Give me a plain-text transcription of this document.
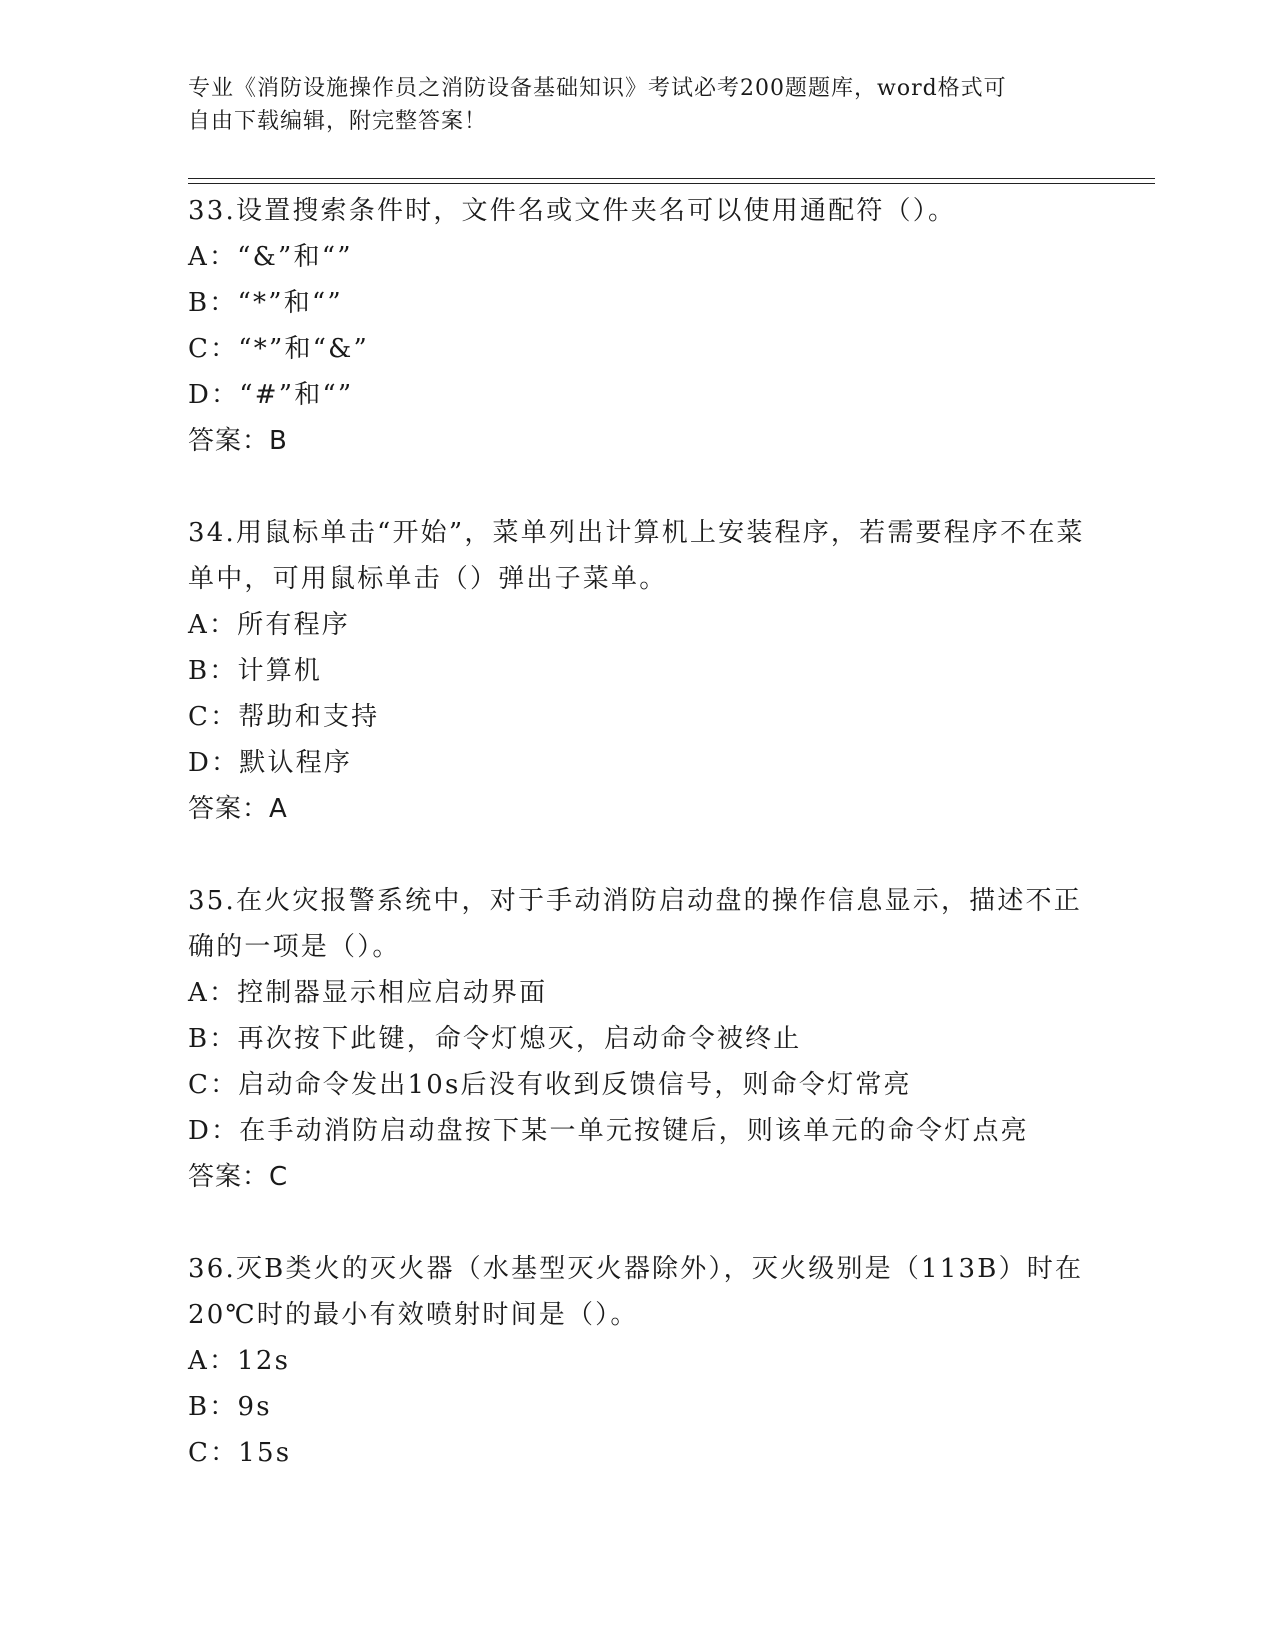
专业《消防设施操作员之消防设备基础知识》考试必考200题题库，word格式可
自由下载编辑，附完整答案！
33.设置搜索条件时，文件名或文件夹名可以使用通配符（）。
A：“&”和“”
B：“*”和“”
C：“*”和“&”
D：“#”和“”
答案：B
34.用鼠标单击“开始”，菜单列出计算机上安装程序，若需要程序不在菜单中，可用鼠标单击（）弹出子菜单。
A：所有程序
B：计算机
C：帮助和支持
D：默认程序
答案：A
35.在火灾报警系统中，对于手动消防启动盘的操作信息显示，描述不正确的一项是（）。
A：控制器显示相应启动界面
B：再次按下此键，命令灯熄灭，启动命令被终止
C：启动命令发出10s后没有收到反馈信号，则命令灯常亮
D：在手动消防启动盘按下某一单元按键后，则该单元的命令灯点亮
答案：C
36.灭B类火的灭火器（水基型灭火器除外），灭火级别是（113B）时在20℃时的最小有效喷射时间是（）。
A：12s
B：9s
C：15s
